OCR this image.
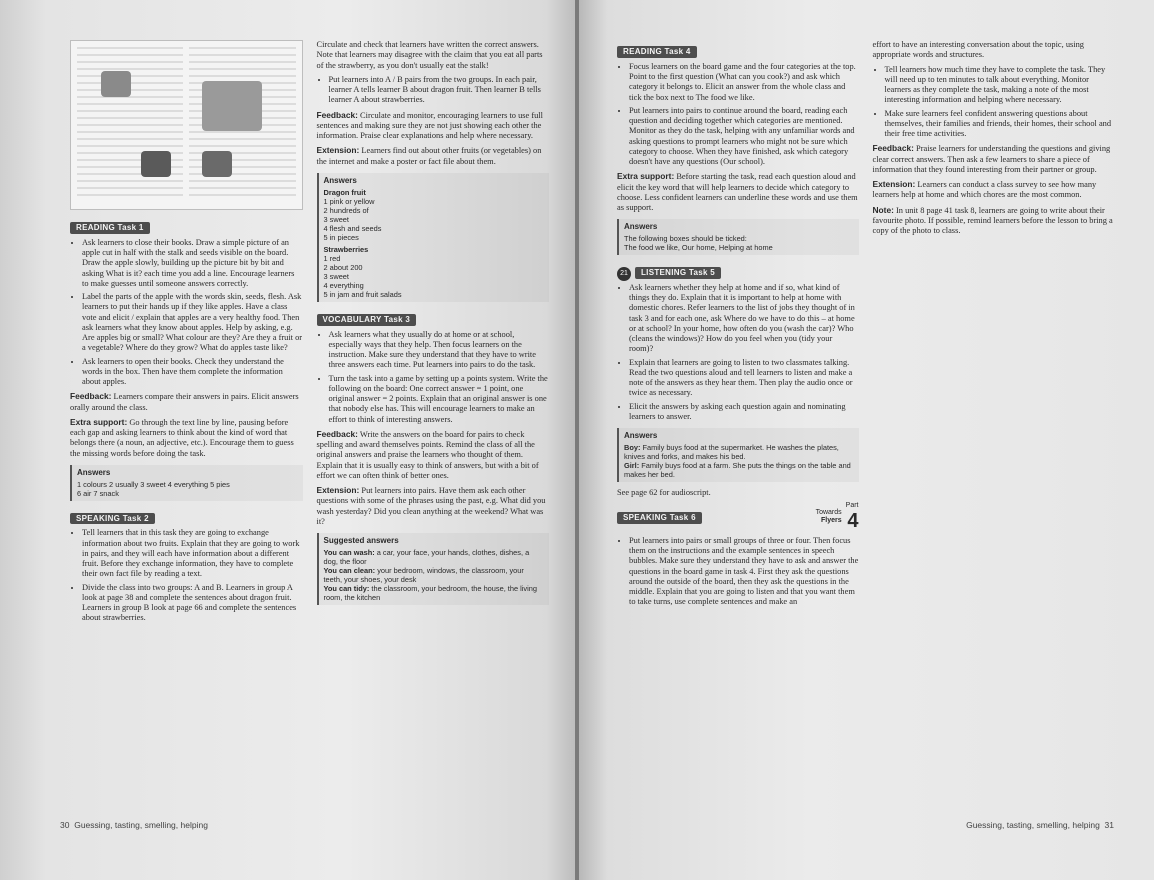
READING Task 1
• Ask learners to close their books. Draw a simple picture of an apple cut in half with the stalk and seeds visible on the board. Draw the apple slowly, building up the picture bit by bit and asking What is it? each time you add a line. Encourage learners to make guesses until someone answers correctly.
• Label the parts of the apple with the words skin, seeds, flesh. Ask learners to put their hands up if they like apples. Have a class vote and elicit / explain that apples are a very healthy food. Then ask learners what they know about apples. Help by asking, e.g. Are apples big or small? What colour are they? Are they a fruit or a vegetable? Where do they grow? What do apples taste like?
• Ask learners to open their books. Check they understand the words in the box. Then have them complete the information about apples.

Feedback: Learners compare their answers in pairs. Elicit answers orally around the class.

Extra support: Go through the text line by line, pausing before each gap and asking learners to think about the kind of word that belongs there (a noun, an adjective, etc.). Encourage them to guess the missing words before doing the task.

Answers
1 colours 2 usually 3 sweet 4 everything 5 pies
6 air 7 snack
SPEAKING Task 2
• Tell learners that in this task they are going to exchange information about two fruits. Explain that they are going to work in pairs, and they will each have information about a different fruit. Before they exchange information, they have to complete their own fact file by reading a text.
• Divide the class into two groups: A and B. Learners in group A look at page 38 and complete the sentences about dragon fruit. Learners in group B look at page 66 and complete the sentences about strawberries.

Circulate and check that learners have written the correct answers. Note that learners may disagree with the claim that you eat all parts of the strawberry, as you don't usually eat the stalk!

• Put learners into A / B pairs from the two groups. In each pair, learner A tells learner B about dragon fruit. Then learner B tells learner A about strawberries.

Feedback: Circulate and monitor, encouraging learners to use full sentences and making sure they are not just showing each other the information. Praise clear explanations and help where necessary.

Extension: Learners find out about other fruits (or vegetables) on the internet and make a poster or fact file about them.

Answers
Dragon fruit
1 pink or yellow
2 hundreds of
3 sweet
4 flesh and seeds
5 in pieces
Strawberries
1 red
2 about 200
3 sweet
4 everything
5 in jam and fruit salads
VOCABULARY Task 3
• Ask learners what they usually do at home or at school, especially ways that they help. Then focus learners on the instruction. Make sure they understand that they have to write three answers each time. Put learners into pairs to do the task.
• Turn the task into a game by setting up a points system. Write the following on the board: One correct answer = 1 point, one original answer = 2 points. Explain that an original answer is one that nobody else has. This will encourage learners to make an effort to think of interesting answers.

Feedback: Write the answers on the board for pairs to check spelling and award themselves points. Remind the class of all the original answers and praise the learners who thought of them. Explain that it is usually easy to think of answers, but with a bit of effort we can often think of better ones.

Extension: Put learners into pairs. Have them ask each other questions with some of the phrases using the past, e.g. What did you wash yesterday? Did you clean anything at the weekend? What was it?

Suggested answers
You can wash: a car, your face, your hands, clothes, dishes, a dog, the floor
You can clean: your bedroom, windows, the classroom, your teeth, your shoes, your desk
You can tidy: the classroom, your bedroom, the house, the living room, the kitchen
30 Guessing, tasting, smelling, helping
READING Task 4
• Focus learners on the board game and the four categories at the top. Point to the first question (What can you cook?) and ask which category it belongs to. Elicit an answer from the whole class and tick the box next to The food we like.
• Put learners into pairs to continue around the board, reading each question and deciding together which categories are mentioned. Monitor as they do the task, helping with any unfamiliar words and asking questions to prompt learners who might not be sure which category to choose. When they have finished, ask which category doesn't have any questions (Our school).

Extra support: Before starting the task, read each question aloud and elicit the key word that will help learners to decide which category to choose. Less confident learners can underline these words and use them as support.

Answers
The following boxes should be ticked:
The food we like, Our home, Helping at home
21 LISTENING Task 5
• Ask learners whether they help at home and if so, what kind of things they do. Explain that it is important to help at home with domestic chores. Refer learners to the list of jobs they thought of in task 3 and for each one, ask Where do we have to do this – at home or at school? In your home, how often do you (wash the car)? Who (cleans the windows)? How do you feel when you (tidy your room)?
• Explain that learners are going to listen to two classmates talking. Read the two questions aloud and tell learners to listen and make a note of the answers as they hear them. Then play the audio once or twice as necessary.
• Elicit the answers by asking each question again and nominating learners to answer.
Answers
Boy: Family buys food at the supermarket. He washes the plates, knives and forks, and makes his bed.
Girl: Family buys food at a farm. She puts the things on the table and makes her bed.

See page 62 for audioscript.

SPEAKING Task 6
Towards
Flyers
Part
4
• Put learners into pairs or small groups of three or four. Then focus them on the instructions and the example sentences in speech bubbles. Make sure they understand they have to ask and answer the questions in the board game in task 4. First they ask the questions around the outside of the board, then they ask the questions in the middle. Explain that you are going to listen and that you want them to take turns, use complete sentences and make an

effort to have an interesting conversation about the topic, using appropriate words and structures.

• Tell learners how much time they have to complete the task. They will need up to ten minutes to talk about everything. Monitor learners as they complete the task, making a note of the most interesting information and helping where necessary.
• Make sure learners feel confident answering questions about themselves, their families and friends, their homes, their school and their free time activities.

Feedback: Praise learners for understanding the questions and giving clear correct answers. Then ask a few learners to share a piece of information that they found interesting from their partner or group.

Extension: Learners can conduct a class survey to see how many learners help at home and which chores are the most common.

Note: In unit 8 page 41 task 8, learners are going to write about their favourite photo. If possible, remind learners before the lesson to bring a copy of the photo to class.

Guessing, tasting, smelling, helping 31
